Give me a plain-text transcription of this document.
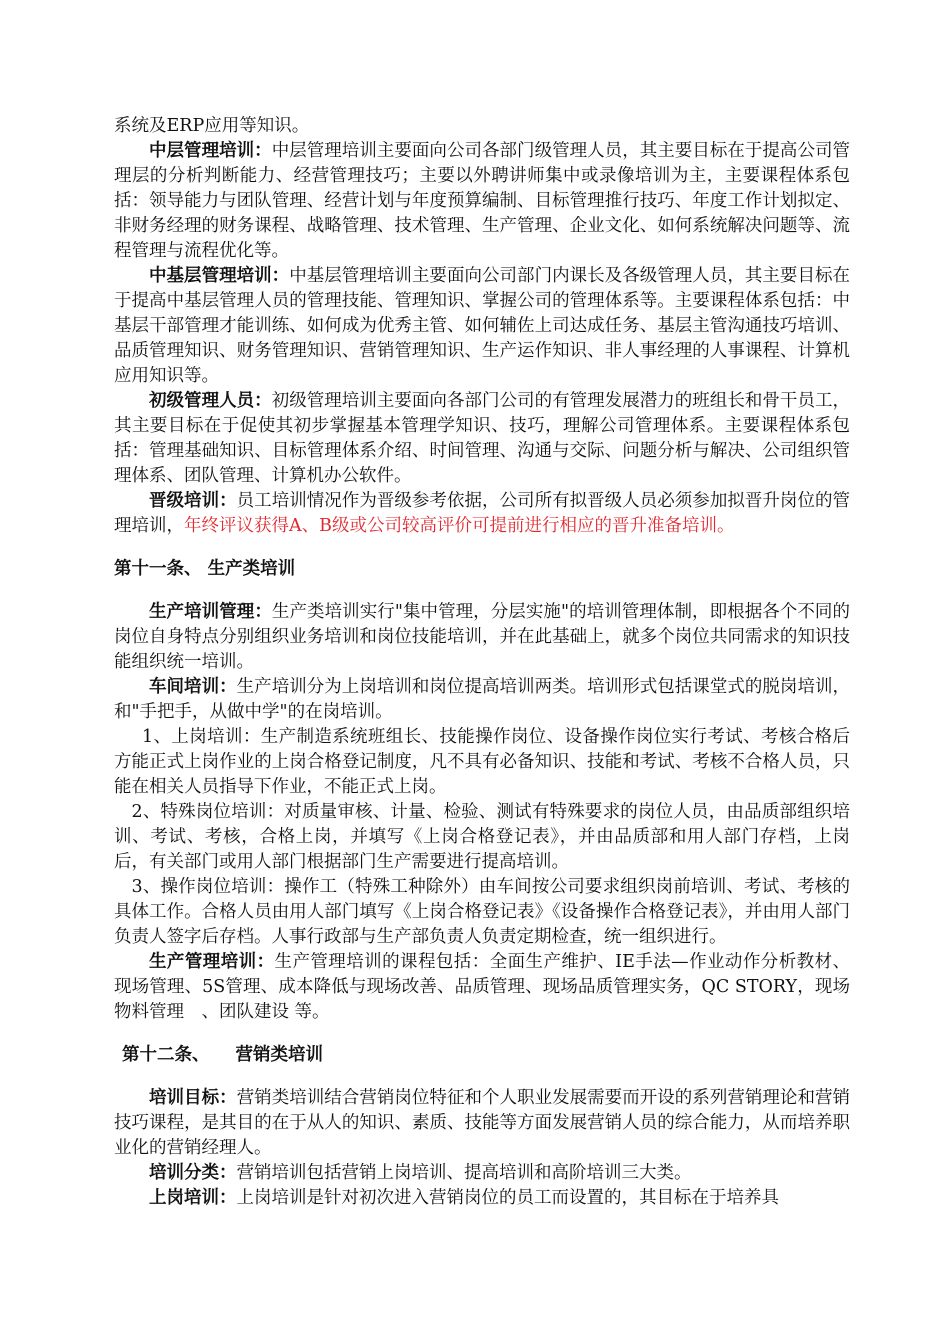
系统及ERP应用等知识。

中层管理培训：中层管理培训主要面向公司各部门级管理人员，其主要目标在于提高公司管理层的分析判断能力、经营管理技巧；主要以外聘讲师集中或录像培训为主，主要课程体系包括：领导能力与团队管理、经营计划与年度预算编制、目标管理推行技巧、年度工作计划拟定、非财务经理的财务课程、战略管理、技术管理、生产管理、企业文化、如何系统解决问题等、流程管理与流程优化等。

中基层管理培训：中基层管理培训主要面向公司部门内课长及各级管理人员，其主要目标在于提高中基层管理人员的管理技能、管理知识、掌握公司的管理体系等。主要课程体系包括：中基层干部管理才能训练、如何成为优秀主管、如何辅佐上司达成任务、基层主管沟通技巧培训、品质管理知识、财务管理知识、营销管理知识、生产运作知识、非人事经理的人事课程、计算机应用知识等。

初级管理人员：初级管理培训主要面向各部门公司的有管理发展潜力的班组长和骨干员工，其主要目标在于促使其初步掌握基本管理学知识、技巧，理解公司管理体系。主要课程体系包括：管理基础知识、目标管理体系介绍、时间管理、沟通与交际、问题分析与解决、公司组织管理体系、团队管理、计算机办公软件。

晋级培训：员工培训情况作为晋级参考依据，公司所有拟晋级人员必须参加拟晋升岗位的管理培训，年终评议获得A、B级或公司较高评价可提前进行相应的晋升准备培训。

第十一条、 生产类培训

生产培训管理：生产类培训实行"集中管理，分层实施"的培训管理体制，即根据各个不同的岗位自身特点分别组织业务培训和岗位技能培训，并在此基础上，就多个岗位共同需求的知识技能组织统一培训。

车间培训：生产培训分为上岗培训和岗位提高培训两类。培训形式包括课堂式的脱岗培训，和"手把手，从做中学"的在岗培训。

1、上岗培训：生产制造系统班组长、技能操作岗位、设备操作岗位实行考试、考核合格后方能正式上岗作业的上岗合格登记制度，凡不具有必备知识、技能和考试、考核不合格人员，只能在相关人员指导下作业，不能正式上岗。

2、特殊岗位培训：对质量审核、计量、检验、测试有特殊要求的岗位人员，由品质部组织培训、考试、考核，合格上岗，并填写《上岗合格登记表》，并由品质部和用人部门存档，上岗后，有关部门或用人部门根据部门生产需要进行提高培训。

3、操作岗位培训：操作工（特殊工种除外）由车间按公司要求组织岗前培训、考试、考核的具体工作。合格人员由用人部门填写《上岗合格登记表》《设备操作合格登记表》，并由用人部门负责人签字后存档。人事行政部与生产部负责人负责定期检查，统一组织进行。

生产管理培训：生产管理培训的课程包括：全面生产维护、IE手法—作业动作分析教材、现场管理、5S管理、成本降低与现场改善、品质管理、现场品质管理实务，QC STORY，现场物料管理　、团队建设 等。

第十二条、 营销类培训

培训目标：营销类培训结合营销岗位特征和个人职业发展需要而开设的系列营销理论和营销技巧课程，是其目的在于从人的知识、素质、技能等方面发展营销人员的综合能力，从而培养职业化的营销经理人。

培训分类：营销培训包括营销上岗培训、提高培训和高阶培训三大类。

上岗培训：上岗培训是针对初次进入营销岗位的员工而设置的，其目标在于培养具
